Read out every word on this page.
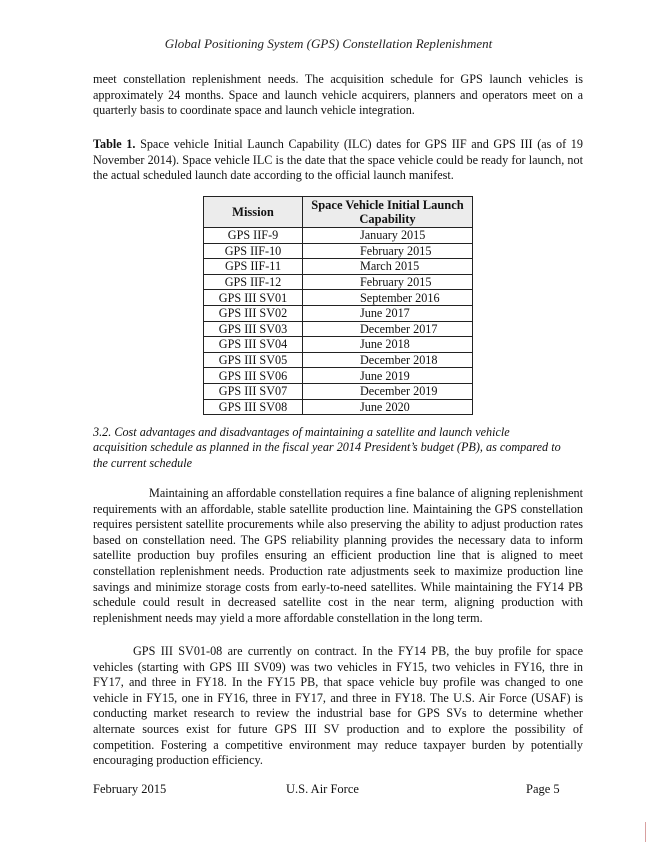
Global Positioning System (GPS) Constellation Replenishment

meet constellation replenishment needs. The acquisition schedule for GPS launch vehicles is approximately 24 months. Space and launch vehicle acquirers, planners and operators meet on a quarterly basis to coordinate space and launch vehicle integration.

Table 1. Space vehicle Initial Launch Capability (ILC) dates for GPS IIF and GPS III (as of 19 November 2014). Space vehicle ILC is the date that the space vehicle could be ready for launch, not the actual scheduled launch date according to the official launch manifest.

Mission	Space Vehicle Initial Launch Capability
GPS IIF-9	January 2015
GPS IIF-10	February 2015
GPS IIF-11	March 2015
GPS IIF-12	February 2015
GPS III SV01	September 2016
GPS III SV02	June 2017
GPS III SV03	December 2017
GPS III SV04	June 2018
GPS III SV05	December 2018
GPS III SV06	June 2019
GPS III SV07	December 2019
GPS III SV08	June 2020

3.2. Cost advantages and disadvantages of maintaining a satellite and launch vehicle acquisition schedule as planned in the fiscal year 2014 President’s budget (PB), as compared to the current schedule

Maintaining an affordable constellation requires a fine balance of aligning replenishment requirements with an affordable, stable satellite production line. Maintaining the GPS constellation requires persistent satellite procurements while also preserving the ability to adjust production rates based on constellation need. The GPS reliability planning provides the necessary data to inform satellite production buy profiles ensuring an efficient production line that is aligned to meet constellation replenishment needs. Production rate adjustments seek to maximize production line savings and minimize storage costs from early-to-need satellites. While maintaining the FY14 PB schedule could result in decreased satellite cost in the near term, aligning production with replenishment needs may yield a more affordable constellation in the long term.

GPS III SV01-08 are currently on contract. In the FY14 PB, the buy profile for space vehicles (starting with GPS III SV09) was two vehicles in FY15, two vehicles in FY16, thre in FY17, and three in FY18. In the FY15 PB, that space vehicle buy profile was changed to one vehicle in FY15, one in FY16, three in FY17, and three in FY18. The U.S. Air Force (USAF) is conducting market research to review the industrial base for GPS SVs to determine whether alternate sources exist for future GPS III SV production and to explore the possibility of competition. Fostering a competitive environment may reduce taxpayer burden by potentially encouraging production efficiency.

February 2015	U.S. Air Force	Page 5
